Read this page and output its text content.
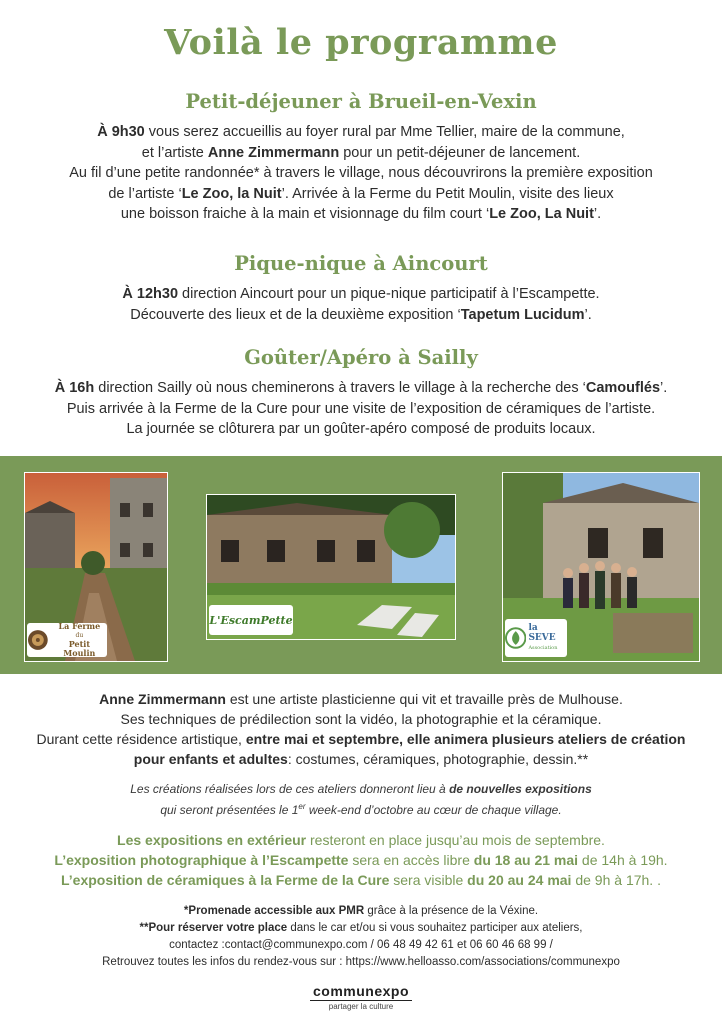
Voilà le programme
Petit-déjeuner à Brueil-en-Vexin
À 9h30 vous serez accueillis au foyer rural par Mme Tellier, maire de la commune,
et l’artiste Anne Zimmermann pour un petit-déjeuner de lancement.
Au fil d’une petite randonnée* à travers le village, nous découvrirons la première exposition
de l’artiste ‘Le Zoo, la Nuit’. Arrivée à la Ferme du Petit Moulin, visite des lieux
une boisson fraiche à la main et visionnage du film court ‘Le Zoo, La Nuit’.
Pique-nique à Aincourt
À 12h30 direction Aincourt pour un pique-nique participatif à l’Escampette.
Découverte des lieux et de la deuxième exposition ‘Tapetum Lucidum’.
Goûter/Apéro à Sailly
À 16h direction Sailly où nous cheminerons à travers le village à la recherche des ‘Camouflés’.
Puis arrivée à la Ferme de la Cure pour une visite de l’exposition de céramiques de l’artiste.
La journée se clôturera par un goûter-apéro composé de produits locaux.
La Ferme
du
Petit Moulin
L'EscamPette
la SEVE
Association
Anne Zimmermann est une artiste plasticienne qui vit et travaille près de Mulhouse.
Ses techniques de prédilection sont la vidéo, la photographie et la céramique.
Durant cette résidence artistique, entre mai et septembre, elle animera plusieurs ateliers de création
pour enfants et adultes: costumes, céramiques, photographie, dessin.**
Les créations réalisées lors de ces ateliers donneront lieu à de nouvelles expositions
qui seront présentées le 1er week-end d’octobre au cœur de chaque village.
Les expositions en extérieur resteront en place jusqu’au mois de septembre.
L’exposition photographique à l’Escampette sera en accès libre du 18 au 21 mai de 14h à 19h.
L’exposition de céramiques à la Ferme de la Cure sera visible du 20 au 24 mai de 9h à 17h. .
*Promenade accessible aux PMR grâce à la présence de la Véxine.
**Pour réserver votre place dans le car et/ou si vous souhaitez participer aux ateliers,
contactez :contact@communexpo.com / 06 48 49 42 61 et 06 60 46 68 99 /
Retrouvez toutes les infos du rendez-vous sur : https://www.helloasso.com/associations/communexpo
communexpo
partager la culture
